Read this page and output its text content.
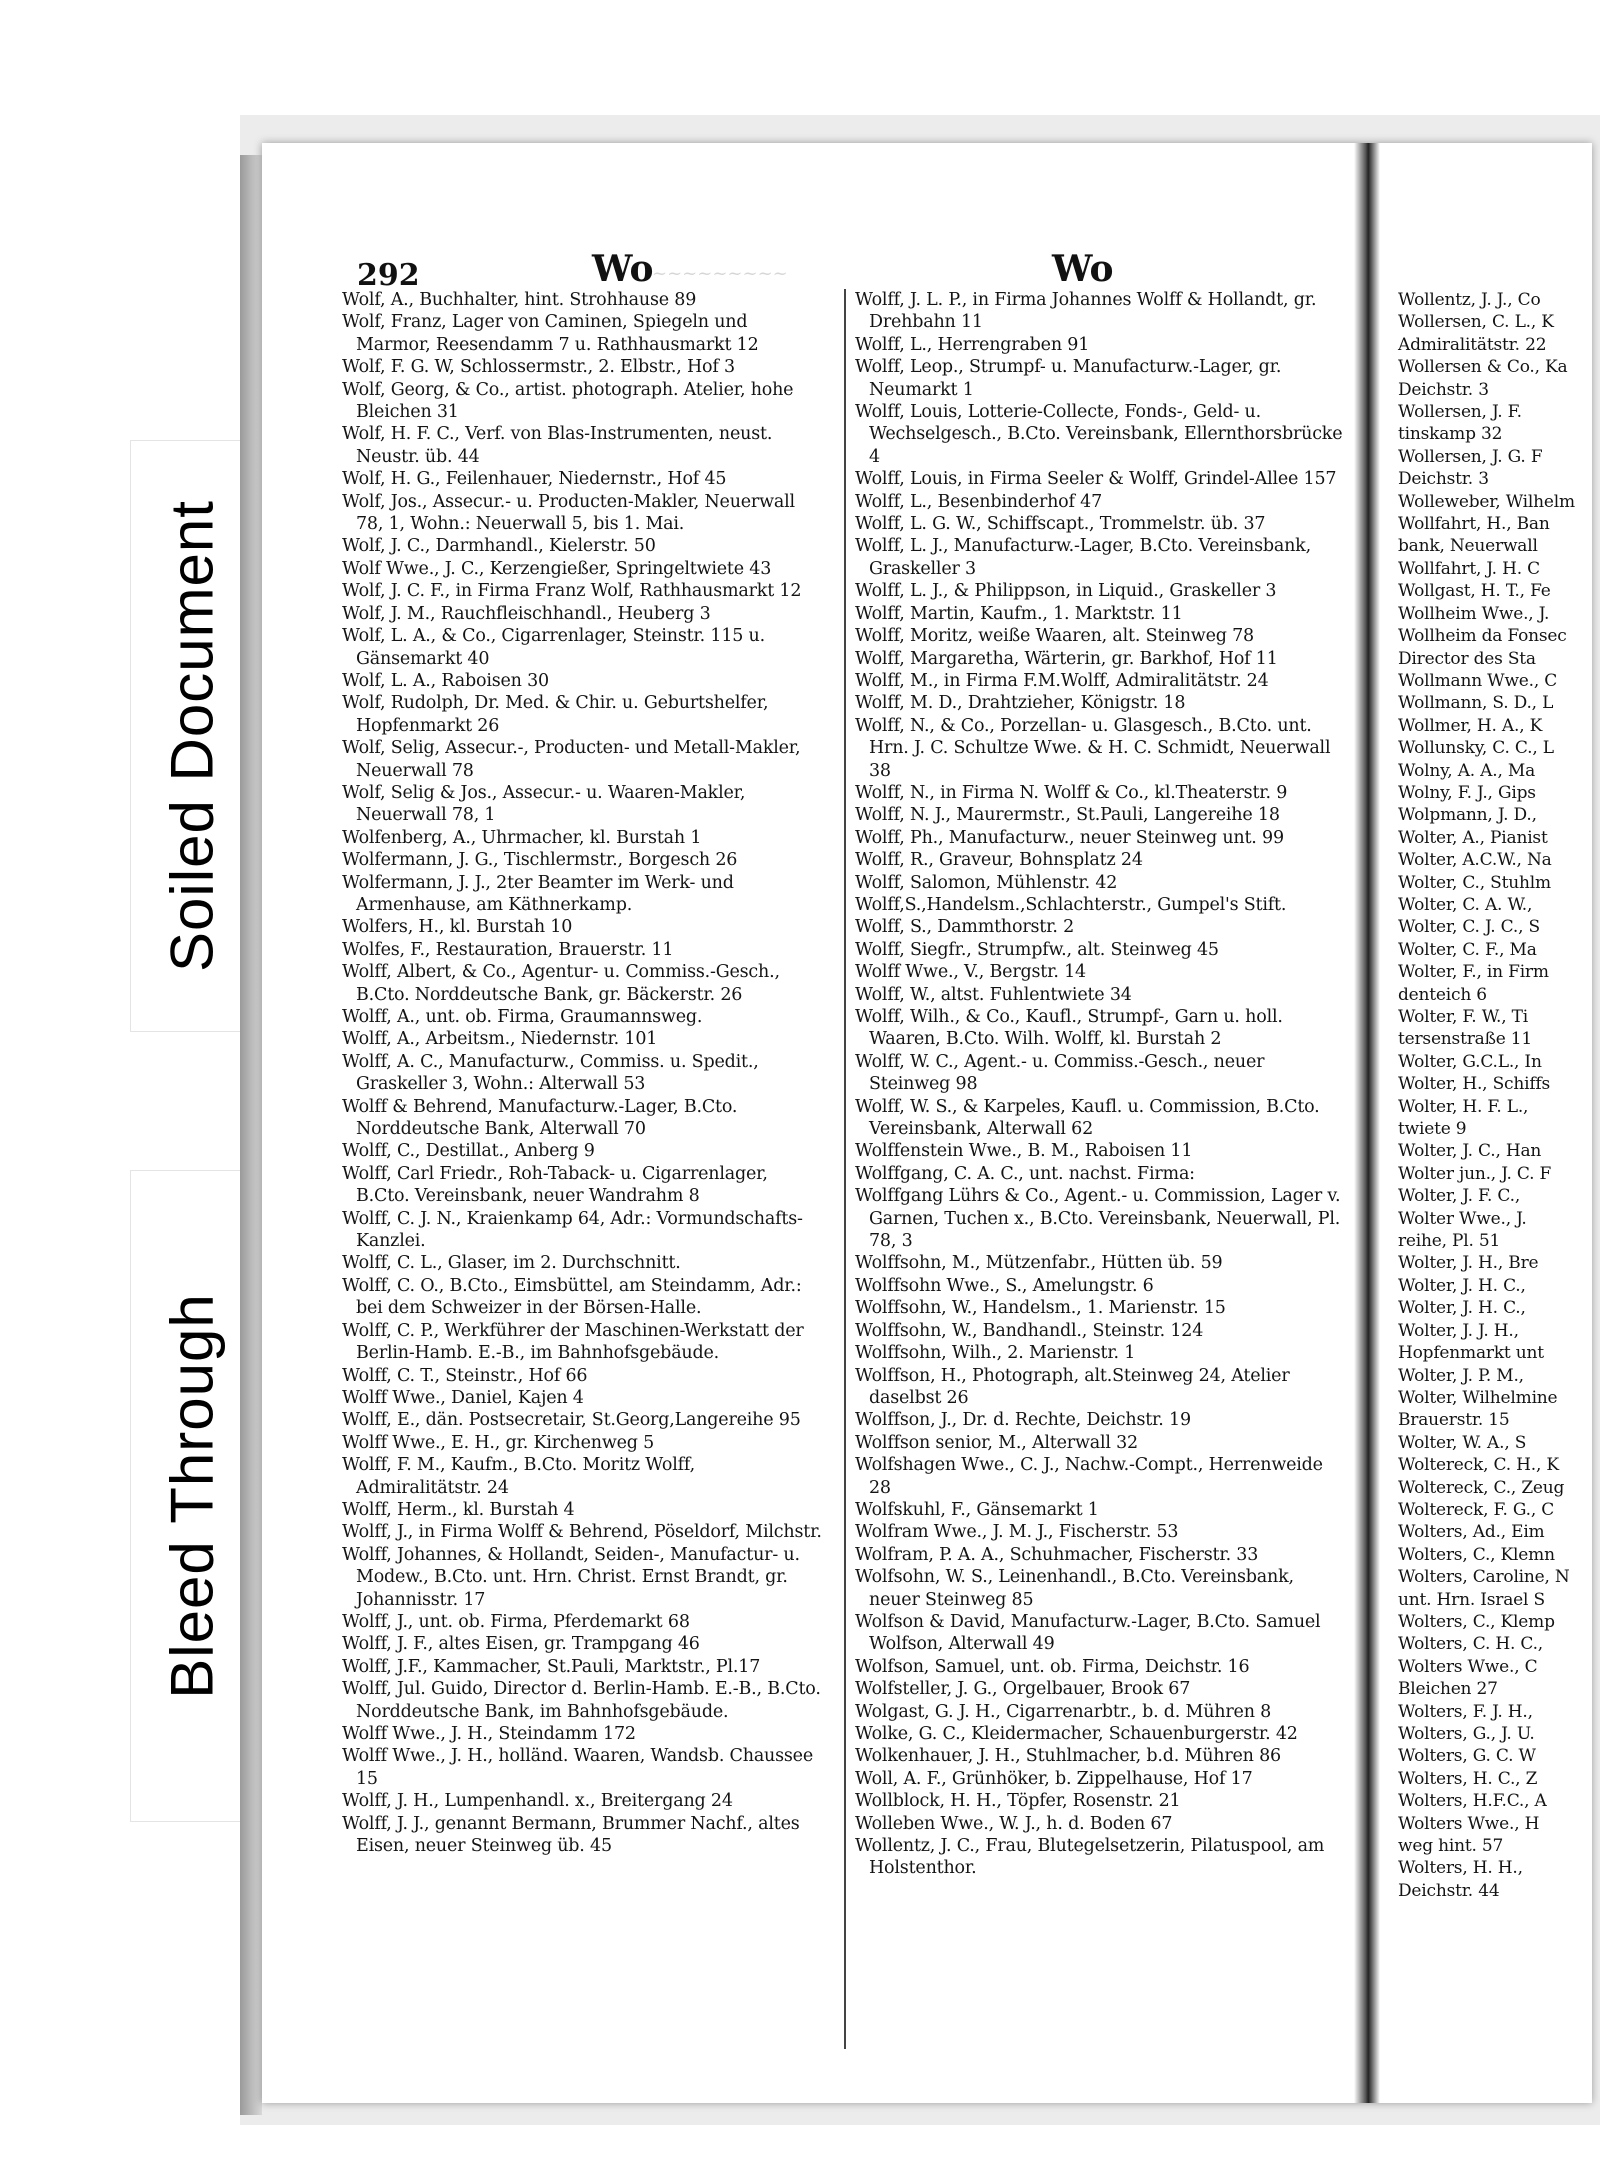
Soiled Document
Bleed Through
292	Wo
~~~~~~~~~	Wo

Wolf, A., Buchhalter, hint. Strohhause 89

Wolf, Franz, Lager von Caminen, Spiegeln und Marmor, Reesendamm 7 u. Rathhausmarkt 12

Wolf, F. G. W, Schlossermstr., 2. Elbstr., Hof 3

Wolf, Georg, & Co., artist. photograph. Atelier, hohe Bleichen 31

Wolf, H. F. C., Verf. von Blas-Instrumenten, neust. Neustr. üb. 44

Wolf, H. G., Feilenhauer, Niedernstr., Hof 45

Wolf, Jos., Assecur.- u. Producten-Makler, Neuerwall 78, 1, Wohn.: Neuerwall 5, bis 1. Mai.

Wolf, J. C., Darmhandl., Kielerstr. 50

Wolf Wwe., J. C., Kerzengießer, Springeltwiete 43

Wolf, J. C. F., in Firma Franz Wolf, Rathhausmarkt 12

Wolf, J. M., Rauchfleischhandl., Heuberg 3

Wolf, L. A., & Co., Cigarrenlager, Steinstr. 115 u. Gänsemarkt 40

Wolf, L. A., Raboisen 30

Wolf, Rudolph, Dr. Med. & Chir. u. Geburtshelfer, Hopfenmarkt 26

Wolf, Selig, Assecur.-, Producten- und Metall-Makler, Neuerwall 78

Wolf, Selig & Jos., Assecur.- u. Waaren-Makler, Neuerwall 78, 1

Wolfenberg, A., Uhrmacher, kl. Burstah 1

Wolfermann, J. G., Tischlermstr., Borgesch 26

Wolfermann, J. J., 2ter Beamter im Werk- und Armenhause, am Käthnerkamp.

Wolfers, H., kl. Burstah 10

Wolfes, F., Restauration, Brauerstr. 11

Wolff, Albert, & Co., Agentur- u. Commiss.-Gesch., B.Cto. Norddeutsche Bank, gr. Bäckerstr. 26

Wolff, A., unt. ob. Firma, Graumannsweg.

Wolff, A., Arbeitsm., Niedernstr. 101

Wolff, A. C., Manufacturw., Commiss. u. Spedit., Graskeller 3, Wohn.: Alterwall 53

Wolff & Behrend, Manufacturw.-Lager, B.Cto. Norddeutsche Bank, Alterwall 70

Wolff, C., Destillat., Anberg 9

Wolff, Carl Friedr., Roh-Taback- u. Cigarrenlager, B.Cto. Vereinsbank, neuer Wandrahm 8

Wolff, C. J. N., Kraienkamp 64, Adr.: Vormundschafts-Kanzlei.

Wolff, C. L., Glaser, im 2. Durchschnitt.

Wolff, C. O., B.Cto., Eimsbüttel, am Steindamm, Adr.: bei dem Schweizer in der Börsen-Halle.

Wolff, C. P., Werkführer der Maschinen-Werkstatt der Berlin-Hamb. E.-B., im Bahnhofsgebäude.

Wolff, C. T., Steinstr., Hof 66

Wolff Wwe., Daniel, Kajen 4

Wolff, E., dän. Postsecretair, St.Georg,Langereihe 95

Wolff Wwe., E. H., gr. Kirchenweg 5

Wolff, F. M., Kaufm., B.Cto. Moritz Wolff, Admiralitätstr. 24

Wolff, Herm., kl. Burstah 4

Wolff, J., in Firma Wolff & Behrend, Pöseldorf, Milchstr.

Wolff, Johannes, & Hollandt, Seiden-, Manufactur- u. Modew., B.Cto. unt. Hrn. Christ. Ernst Brandt, gr. Johannisstr. 17

Wolff, J., unt. ob. Firma, Pferdemarkt 68

Wolff, J. F., altes Eisen, gr. Trampgang 46

Wolff, J.F., Kammacher, St.Pauli, Marktstr., Pl.17

Wolff, Jul. Guido, Director d. Berlin-Hamb. E.-B., B.Cto. Norddeutsche Bank, im Bahnhofsgebäude.

Wolff Wwe., J. H., Steindamm 172

Wolff Wwe., J. H., holländ. Waaren, Wandsb. Chaussee 15

Wolff, J. H., Lumpenhandl. x., Breitergang 24

Wolff, J. J., genannt Bermann, Brummer Nachf., altes Eisen, neuer Steinweg üb. 45

Wolff, J. L. P., in Firma Johannes Wolff & Hollandt, gr. Drehbahn 11

Wolff, L., Herrengraben 91

Wolff, Leop., Strumpf- u. Manufacturw.-Lager, gr. Neumarkt 1

Wolff, Louis, Lotterie-Collecte, Fonds-, Geld- u. Wechselgesch., B.Cto. Vereinsbank, Ellernthorsbrücke 4

Wolff, Louis, in Firma Seeler & Wolff, Grindel-Allee 157

Wolff, L., Besenbinderhof 47

Wolff, L. G. W., Schiffscapt., Trommelstr. üb. 37

Wolff, L. J., Manufacturw.-Lager, B.Cto. Vereinsbank, Graskeller 3

Wolff, L. J., & Philippson, in Liquid., Graskeller 3

Wolff, Martin, Kaufm., 1. Marktstr. 11

Wolff, Moritz, weiße Waaren, alt. Steinweg 78

Wolff, Margaretha, Wärterin, gr. Barkhof, Hof 11

Wolff, M., in Firma F.M.Wolff, Admiralitätstr. 24

Wolff, M. D., Drahtzieher, Königstr. 18

Wolff, N., & Co., Porzellan- u. Glasgesch., B.Cto. unt. Hrn. J. C. Schultze Wwe. & H. C. Schmidt, Neuerwall 38

Wolff, N., in Firma N. Wolff & Co., kl.Theaterstr. 9

Wolff, N. J., Maurermstr., St.Pauli, Langereihe 18

Wolff, Ph., Manufacturw., neuer Steinweg unt. 99

Wolff, R., Graveur, Bohnsplatz 24

Wolff, Salomon, Mühlenstr. 42

Wolff,S.,Handelsm.,Schlachterstr., Gumpel's Stift.

Wolff, S., Dammthorstr. 2

Wolff, Siegfr., Strumpfw., alt. Steinweg 45

Wolff Wwe., V., Bergstr. 14

Wolff, W., altst. Fuhlentwiete 34

Wolff, Wilh., & Co., Kaufl., Strumpf-, Garn u. holl. Waaren, B.Cto. Wilh. Wolff, kl. Burstah 2

Wolff, W. C., Agent.- u. Commiss.-Gesch., neuer Steinweg 98

Wolff, W. S., & Karpeles, Kaufl. u. Commission, B.Cto. Vereinsbank, Alterwall 62

Wolffenstein Wwe., B. M., Raboisen 11

Wolffgang, C. A. C., unt. nachst. Firma:

Wolffgang Lührs & Co., Agent.- u. Commission, Lager v. Garnen, Tuchen x., B.Cto. Vereinsbank, Neuerwall, Pl. 78, 3

Wolffsohn, M., Mützenfabr., Hütten üb. 59

Wolffsohn Wwe., S., Amelungstr. 6

Wolffsohn, W., Handelsm., 1. Marienstr. 15

Wolffsohn, W., Bandhandl., Steinstr. 124

Wolffsohn, Wilh., 2. Marienstr. 1

Wolffson, H., Photograph, alt.Steinweg 24, Atelier daselbst 26

Wolffson, J., Dr. d. Rechte, Deichstr. 19

Wolffson senior, M., Alterwall 32

Wolfshagen Wwe., C. J., Nachw.-Compt., Herrenweide 28

Wolfskuhl, F., Gänsemarkt 1

Wolfram Wwe., J. M. J., Fischerstr. 53

Wolfram, P. A. A., Schuhmacher, Fischerstr. 33

Wolfsohn, W. S., Leinenhandl., B.Cto. Vereinsbank, neuer Steinweg 85

Wolfson & David, Manufacturw.-Lager, B.Cto. Samuel Wolfson, Alterwall 49

Wolfson, Samuel, unt. ob. Firma, Deichstr. 16

Wolfsteller, J. G., Orgelbauer, Brook 67

Wolgast, G. J. H., Cigarrenarbtr., b. d. Mühren 8

Wolke, G. C., Kleidermacher, Schauenburgerstr. 42

Wolkenhauer, J. H., Stuhlmacher, b.d. Mühren 86

Woll, A. F., Grünhöker, b. Zippelhause, Hof 17

Wollblock, H. H., Töpfer, Rosenstr. 21

Wolleben Wwe., W. J., h. d. Boden 67

Wollentz, J. C., Frau, Blutegelsetzerin, Pilatuspool, am Holstenthor.

Wollentz, J. J., Co

Wollersen, C. L., K

Admiralitätstr. 22

Wollersen & Co., Ka

Deichstr. 3

Wollersen, J. F.

tinskamp 32

Wollersen, J. G. F

Deichstr. 3

Wolleweber, Wilhelm

Wollfahrt, H., Ban

bank, Neuerwall

Wollfahrt, J. H. C

Wollgast, H. T., Fe

Wollheim Wwe., J.

Wollheim da Fonsec

Director des Sta

Wollmann Wwe., C

Wollmann, S. D., L

Wollmer, H. A., K

Wollunsky, C. C., L

Wolny, A. A., Ma

Wolny, F. J., Gips

Wolpmann, J. D.,

Wolter, A., Pianist

Wolter, A.C.W., Na

Wolter, C., Stuhlm

Wolter, C. A. W.,

Wolter, C. J. C., S

Wolter, C. F., Ma

Wolter, F., in Firm

denteich 6

Wolter, F. W., Ti

tersenstraße 11

Wolter, G.C.L., In

Wolter, H., Schiffs

Wolter, H. F. L.,

twiete 9

Wolter, J. C., Han

Wolter jun., J. C. F

Wolter, J. F. C.,

Wolter Wwe., J.

reihe, Pl. 51

Wolter, J. H., Bre

Wolter, J. H. C.,

Wolter, J. H. C.,

Wolter, J. J. H.,

Hopfenmarkt unt

Wolter, J. P. M.,

Wolter, Wilhelmine

Brauerstr. 15

Wolter, W. A., S

Woltereck, C. H., K

Woltereck, C., Zeug

Woltereck, F. G., C

Wolters, Ad., Eim

Wolters, C., Klemn

Wolters, Caroline, N

unt. Hrn. Israel S

Wolters, C., Klemp

Wolters, C. H. C.,

Wolters Wwe., C

Bleichen 27

Wolters, F. J. H.,

Wolters, G., J. U.

Wolters, G. C. W

Wolters, H. C., Z

Wolters, H.F.C., A

Wolters Wwe., H

weg hint. 57

Wolters, H. H.,

Deichstr. 44
